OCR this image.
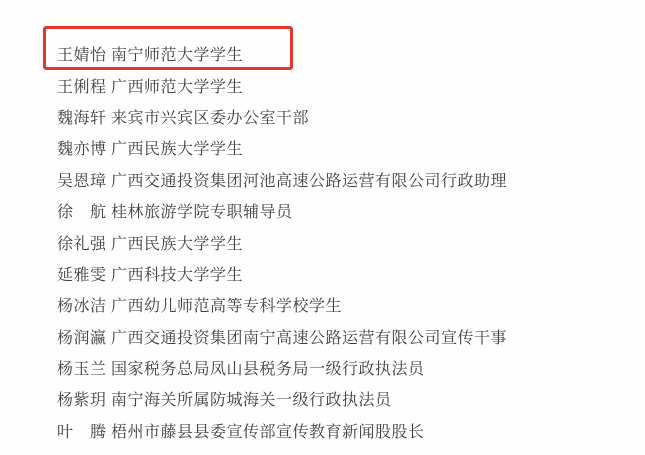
王婧怡 南宁师范大学学生
王俐程 广西师范大学学生
魏海轩 来宾市兴宾区委办公室干部
魏亦博 广西民族大学学生
吴恩璋 广西交通投资集团河池高速公路运营有限公司行政助理
徐　航 桂林旅游学院专职辅导员
徐礼强 广西民族大学学生
延雅雯 广西科技大学学生
杨冰洁 广西幼儿师范高等专科学校学生
杨润瀛 广西交通投资集团南宁高速公路运营有限公司宣传干事
杨玉兰 国家税务总局凤山县税务局一级行政执法员
杨紫玥 南宁海关所属防城海关一级行政执法员
叶　腾 梧州市藤县县委宣传部宣传教育新闻股股长
